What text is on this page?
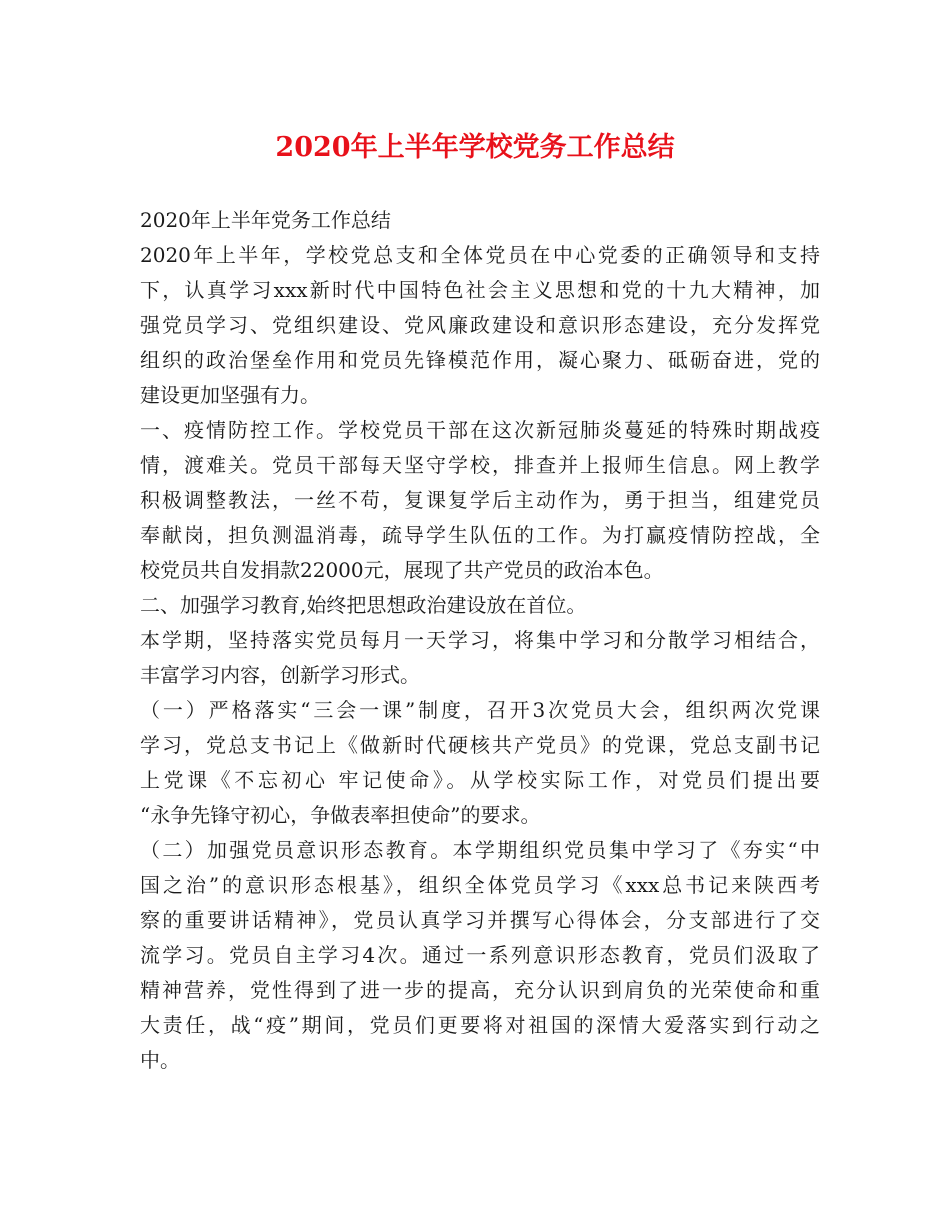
2020年上半年学校党务工作总结
2020年上半年党务工作总结
2020年上半年，学校党总支和全体党员在中心党委的正确领导和支持
下，认真学习xxx新时代中国特色社会主义思想和党的十九大精神，加
强党员学习、党组织建设、党风廉政建设和意识形态建设，充分发挥党
组织的政治堡垒作用和党员先锋模范作用，凝心聚力、砥砺奋进，党的
建设更加坚强有力。
一、疫情防控工作。学校党员干部在这次新冠肺炎蔓延的特殊时期战疫
情，渡难关。党员干部每天坚守学校，排查并上报师生信息。网上教学
积极调整教法，一丝不苟，复课复学后主动作为，勇于担当，组建党员
奉献岗，担负测温消毒，疏导学生队伍的工作。为打赢疫情防控战，全
校党员共自发捐款22000元，展现了共产党员的政治本色。
二、加强学习教育,始终把思想政治建设放在首位。
本学期，坚持落实党员每月一天学习，将集中学习和分散学习相结合，
丰富学习内容，创新学习形式。
（一）严格落实“三会一课”制度，召开3次党员大会，组织两次党课
学习，党总支书记上《做新时代硬核共产党员》的党课，党总支副书记
上党课《不忘初心 牢记使命》。从学校实际工作，对党员们提出要
“永争先锋守初心，争做表率担使命”的要求。
（二）加强党员意识形态教育。本学期组织党员集中学习了《夯实“中
国之治”的意识形态根基》，组织全体党员学习《xxx总书记来陕西考
察的重要讲话精神》，党员认真学习并撰写心得体会，分支部进行了交
流学习。党员自主学习4次。通过一系列意识形态教育，党员们汲取了
精神营养，党性得到了进一步的提高，充分认识到肩负的光荣使命和重
大责任，战“疫”期间，党员们更要将对祖国的深情大爱落实到行动之
中。
